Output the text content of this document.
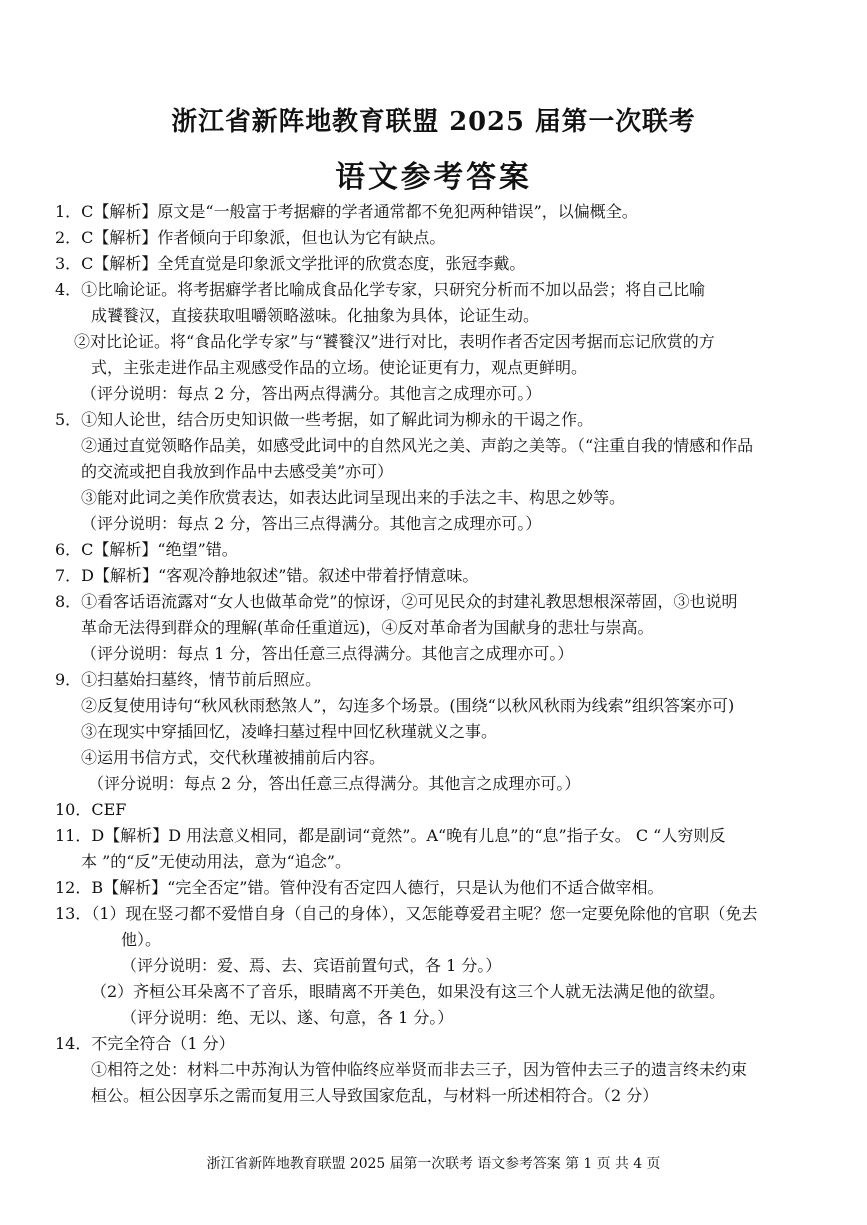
浙江省新阵地教育联盟 2025 届第一次联考
语文参考答案
1．C【解析】原文是“一般富于考据癖的学者通常都不免犯两种错误”，以偏概全。
2．C【解析】作者倾向于印象派，但也认为它有缺点。
3．C【解析】全凭直觉是印象派文学批评的欣赏态度，张冠李戴。
4．①比喻论证。将考据癖学者比喻成食品化学专家，只研究分析而不加以品尝；将自己比喻
成饕餮汉，直接获取咀嚼领略滋味。化抽象为具体，论证生动。
②对比论证。将“食品化学专家”与“饕餮汉”进行对比，表明作者否定因考据而忘记欣赏的方
式，主张走进作品主观感受作品的立场。使论证更有力，观点更鲜明。
（评分说明：每点 2 分，答出两点得满分。其他言之成理亦可。）
5．①知人论世，结合历史知识做一些考据，如了解此词为柳永的干谒之作。
②通过直觉领略作品美，如感受此词中的自然风光之美、声韵之美等。（“注重自我的情感和作品
的交流或把自我放到作品中去感受美”亦可）
③能对此词之美作欣赏表达，如表达此词呈现出来的手法之丰、构思之妙等。
（评分说明：每点 2 分，答出三点得满分。其他言之成理亦可。）
6．C【解析】“绝望”错。
7．D【解析】“客观冷静地叙述”错。叙述中带着抒情意味。
8．①看客话语流露对“女人也做革命党”的惊讶，②可见民众的封建礼教思想根深蒂固，③也说明
革命无法得到群众的理解(革命任重道远)，④反对革命者为国献身的悲壮与崇高。
（评分说明：每点 1 分，答出任意三点得满分。其他言之成理亦可。）
9．①扫墓始扫墓终，情节前后照应。
②反复使用诗句“秋风秋雨愁煞人”，勾连多个场景。(围绕“以秋风秋雨为线索”组织答案亦可)
③在现实中穿插回忆，凌峰扫墓过程中回忆秋瑾就义之事。
④运用书信方式，交代秋瑾被捕前后内容。
（评分说明：每点 2 分，答出任意三点得满分。其他言之成理亦可。）
10．CEF
11．D【解析】D 用法意义相同，都是副词“竟然”。A“晚有儿息”的“息”指子女。 C “人穷则反
本 ”的“反”无使动用法，意为“追念”。
12．B【解析】“完全否定”错。管仲没有否定四人德行，只是认为他们不适合做宰相。
13．（1）现在竖刁都不爱惜自身（自己的身体），又怎能尊爱君主呢？您一定要免除他的官职（免去
他）。
（评分说明：爱、焉、去、宾语前置句式，各 1 分。）
（2）齐桓公耳朵离不了音乐，眼睛离不开美色，如果没有这三个人就无法满足他的欲望。
（评分说明：绝、无以、遂、句意，各 1 分。）
14．不完全符合（1 分）
①相符之处：材料二中苏洵认为管仲临终应举贤而非去三子，因为管仲去三子的遗言终未约束
桓公。桓公因享乐之需而复用三人导致国家危乱，与材料一所述相符合。（2 分）
浙江省新阵地教育联盟 2025 届第一次联考 语文参考答案 第 1 页 共 4 页
